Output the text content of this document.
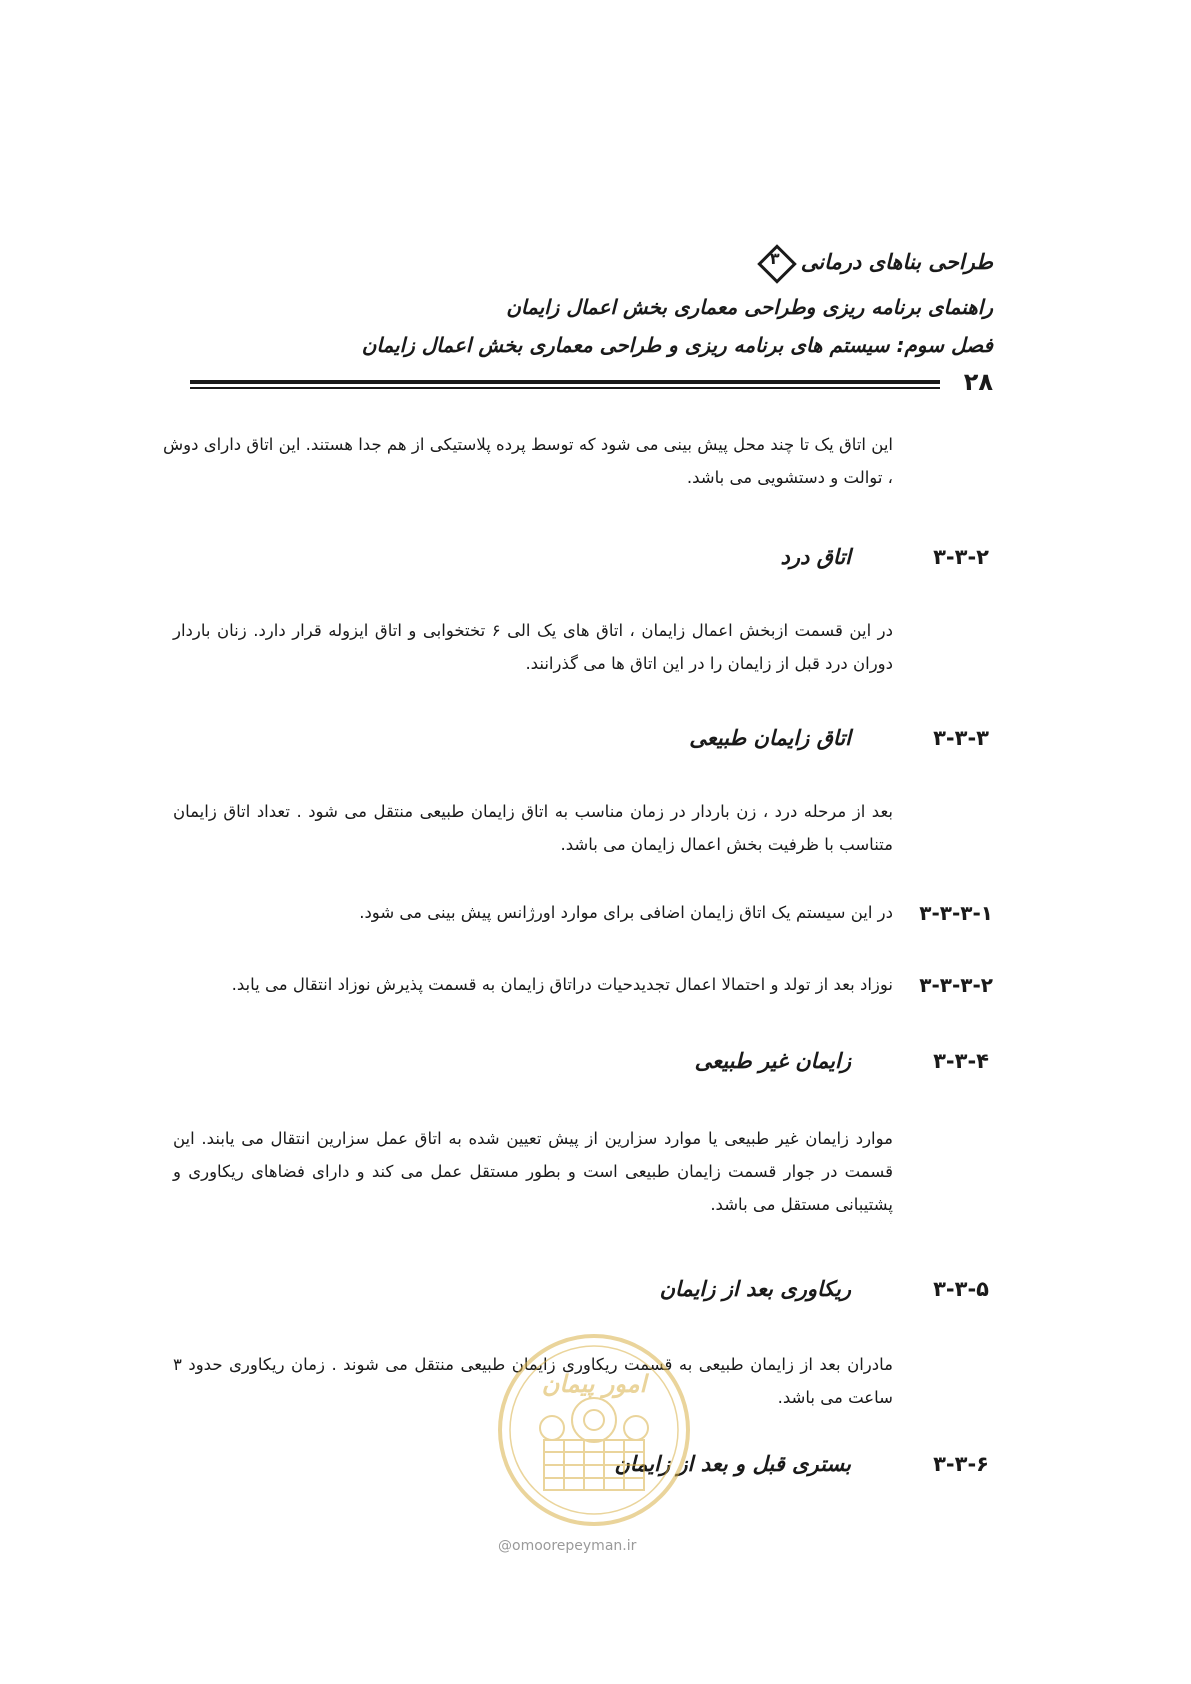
طراحی بناهای درمانی
۳
راهنمای برنامه ریزی وطراحی معماری بخش اعمال زایمان
فصل سوم: سیستم های برنامه ریزی و طراحی معماری بخش اعمال زایمان
۲۸
این اتاق یک تا چند محل پیش بینی می شود که توسط پرده پلاستیکی از هم جدا هستند. این اتاق دارای دوش ، توالت و دستشویی می باشد.
۳-۳-۲
اتاق درد
در این قسمت ازبخش اعمال زایمان ، اتاق های یک الی ۶ تختخوابی و اتاق ایزوله قرار دارد. زنان باردار دوران درد قبل از زایمان را در این اتاق ها می گذرانند.
۳-۳-۳
اتاق زایمان طبیعی
بعد از مرحله درد ، زن باردار در زمان مناسب به اتاق زایمان طبیعی منتقل می شود . تعداد اتاق زایمان متناسب با ظرفیت بخش اعمال زایمان می باشد.
۳-۳-۳-۱
در این سیستم یک اتاق زایمان اضافی برای موارد اورژانس پیش بینی می شود.
۳-۳-۳-۲
نوزاد بعد از تولد و احتمالا اعمال تجدیدحیات دراتاق زایمان به قسمت پذیرش نوزاد انتقال می یابد.
۳-۳-۴
زایمان غیر طبیعی
موارد زایمان غیر طبیعی یا موارد سزارین از پیش تعیین شده به اتاق عمل سزارین انتقال می یابند. این قسمت در جوار قسمت زایمان طبیعی است و بطور مستقل عمل می کند و دارای فضاهای ریکاوری و پشتیبانی مستقل می باشد.
۳-۳-۵
ریکاوری بعد از زایمان
مادران بعد از زایمان طبیعی به قسمت ریکاوری زایمان طبیعی منتقل می شوند . زمان ریکاوری حدود ۳ ساعت می باشد.
۳-۳-۶
بستری قبل و بعد از زایمان
امور پیمان
@omoorepeyman.ir
